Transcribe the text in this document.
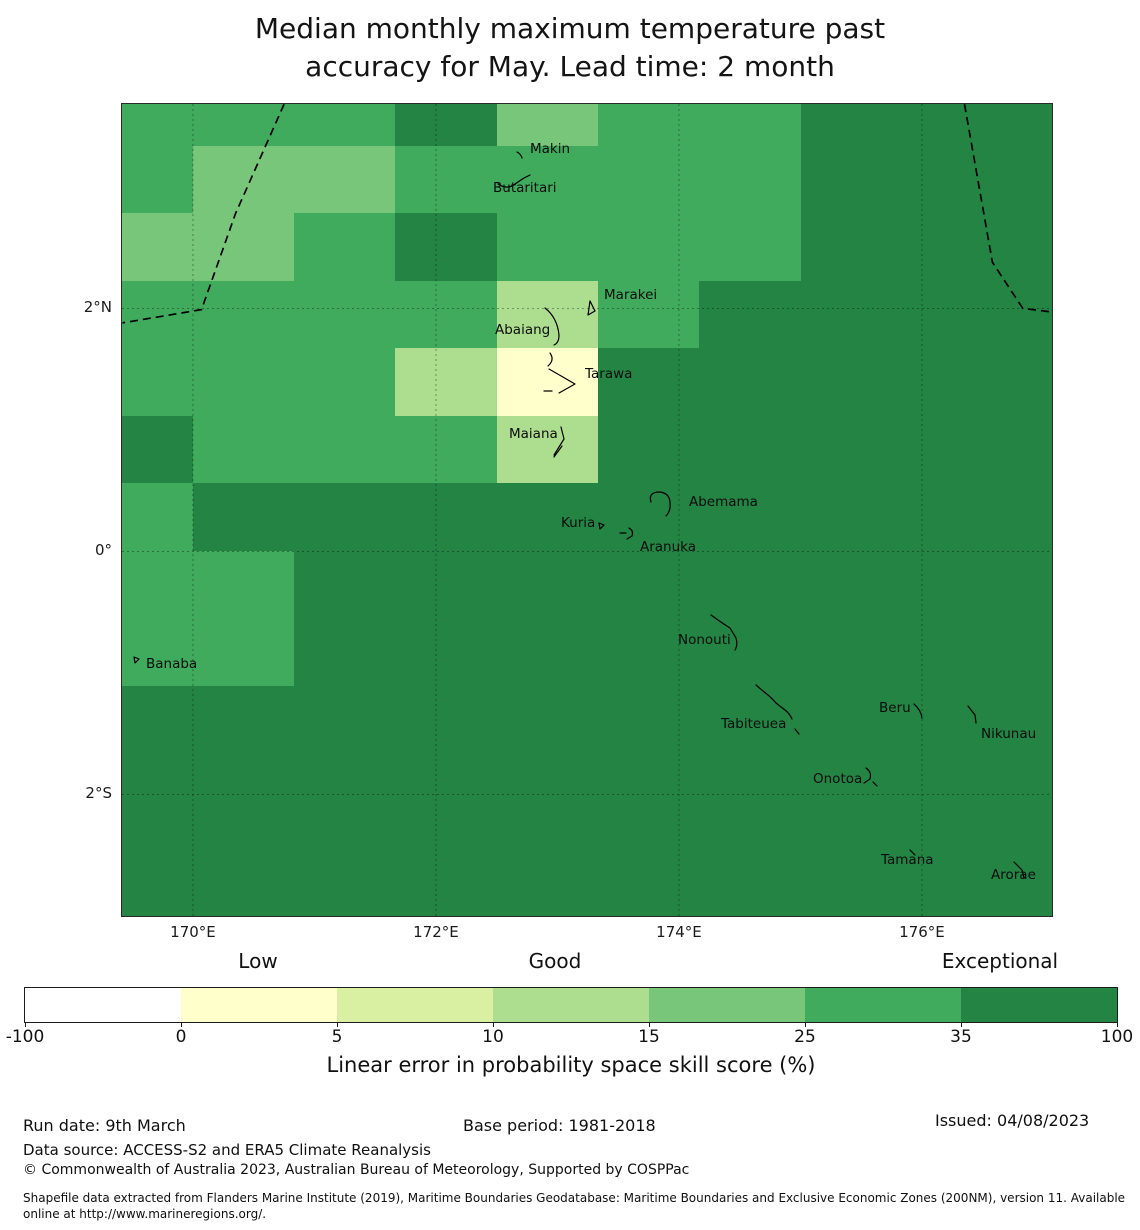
Median monthly maximum temperature past
accuracy for May. Lead time: 2 month
Makin
Butaritari
Marakei
Abaiang
Tarawa
Maiana
Abemama
Kuria
Aranuka
Nonouti
Banaba
Tabiteuea
Beru
Nikunau
Onotoa
Tamana
Arorae
170°E	172°E	174°E	176°E
2°N
0°
2°S
Low	Good	Exceptional
-100	0	5	10	15	25	35	100
Linear error in probability space skill score (%)
Run date: 9th March	Base period: 1981-2018	Issued: 04/08/2023
Data source: ACCESS-S2 and ERA5 Climate Reanalysis
© Commonwealth of Australia 2023, Australian Bureau of Meteorology, Supported by COSPPac
Shapefile data extracted from Flanders Marine Institute (2019), Maritime Boundaries Geodatabase: Maritime Boundaries and Exclusive Economic Zones (200NM), version 11. Available
online at http://www.marineregions.org/.
